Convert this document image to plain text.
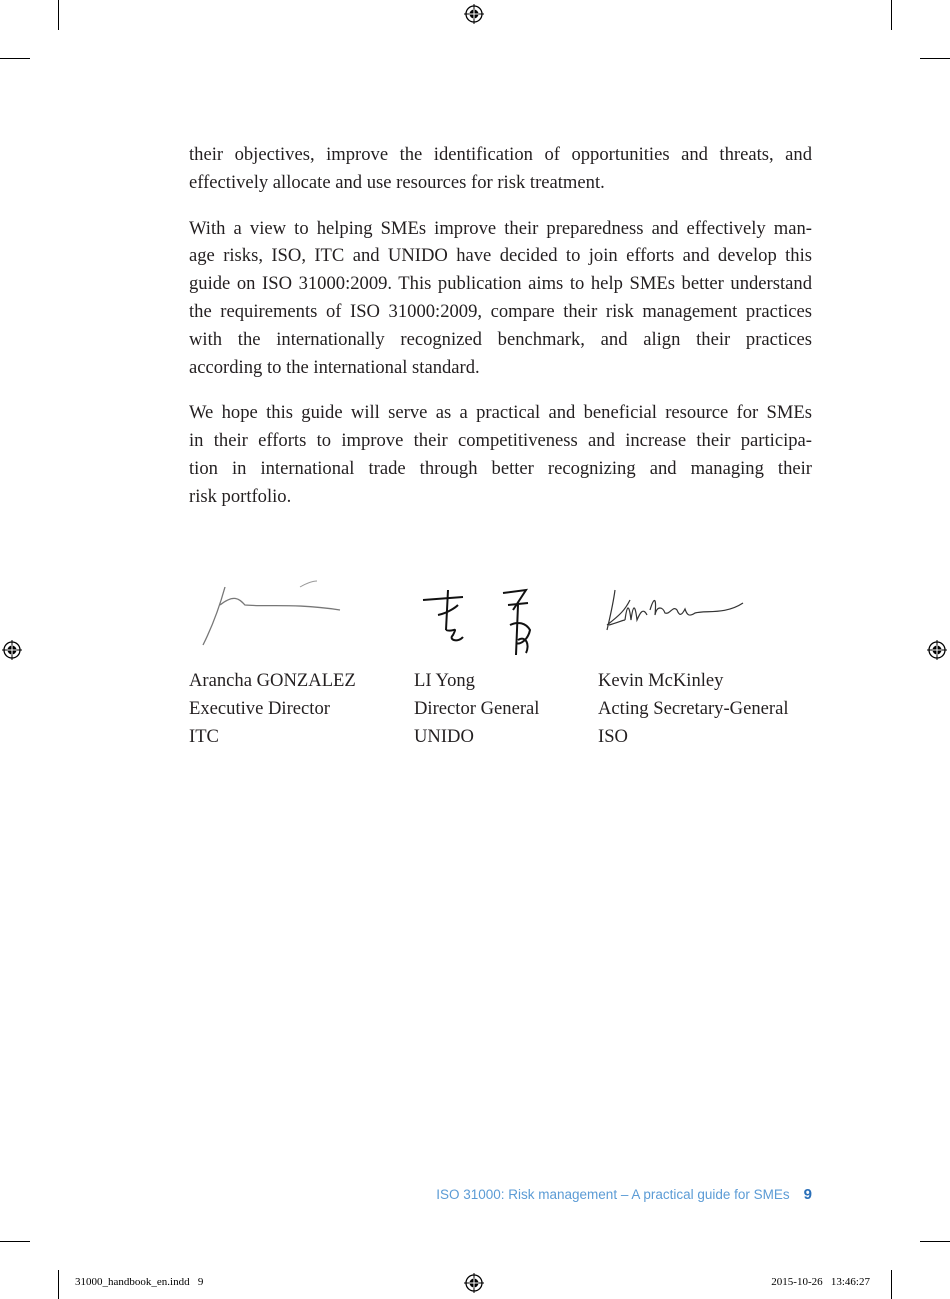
their objectives, improve the identification of opportunities and threats, and
effectively allocate and use resources for risk treatment.

With a view to helping SMEs improve their preparedness and effectively man-
age risks, ISO, ITC and UNIDO have decided to join efforts and develop this
guide on ISO 31000:2009. This publication aims to help SMEs better understand
the requirements of ISO 31000:2009, compare their risk management practices
with the internationally recognized benchmark, and align their practices
according to the international standard.

We hope this guide will serve as a practical and beneficial resource for SMEs
in their efforts to improve their competitiveness and increase their participa-
tion in international trade through better recognizing and managing their
risk portfolio.

Arancha GONZALEZ
Executive Director
ITC
LI Yong
Director General
UNIDO
Kevin McKinley
Acting Secretary-General
ISO
ISO 31000: Risk management – A practical guide for SMEs 9
31000_handbook_en.indd   9	2015-10-26   13:46:27
